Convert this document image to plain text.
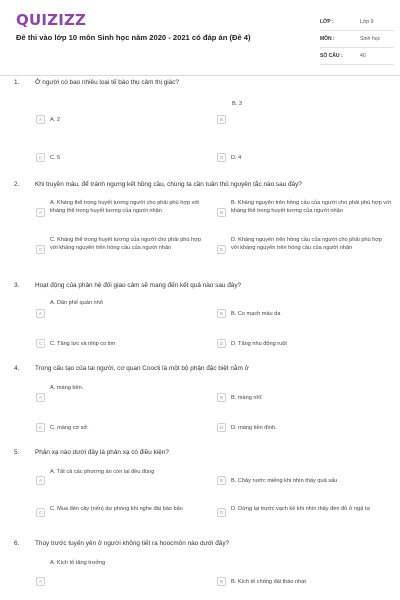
QUIZIZZ
Đề thi vào lớp 10 môn Sinh học năm 2020 - 2021 có đáp án (Đề 4)
LỚP :	Lớp 9
MÔN :	Sinh học
SỐ CÂU :	40
1. Ở người có bao nhiêu loại tế bào thụ cảm thị giác?
A	A. 2
B. 3
B
C	C. 5	D	D. 4
2. Khi truyền máu, để tránh ngưng kết hồng cầu, chúng ta cần tuân thủ nguyên tắc nào sau đây?
A
A. Kháng thể trong huyết tương người cho phải phù hợp với kháng thể trong huyết tương của người nhận	B
B. Kháng nguyên trên hồng cầu của người cho phải phù hợp với kháng thể trong huyết tương của người nhận
C
C. Kháng thể trong huyết tương của người cho phải phù hợp với kháng nguyên trên hồng cầu của người nhận	D
D. Kháng nguyên trên hồng cầu của người cho phải phù hợp với kháng nguyên trên hồng cầu của người nhận
3. Hoạt động của phản hệ đối giao cảm sẽ mang đến kết quả nào sau đây?
A. Dãn phế quản nhỏ
A	B	B. Co mạch máu da
C	C. Tăng lực và nhịp co tim	D	D. Tăng nhu động ruột
4. Trong cấu tạo của tai người, cơ quan Coocti là một bộ phận đặc biệt nằm ở
A. màng bên.
A	B	B. màng nhĩ.
C	C. màng cơ sở.	D	D. màng tiền đình.
5. Phản xạ nào dưới đây là phản xạ có điều kiện?
A. Tất cả các phương án còn lại đều đúng
A	B	B. Chảy nước miếng khi nhìn thấy quả sấu
C
C. Mua đèn cây (nến) dự phòng khi nghe đài báo bão
D
D. Dừng lại trước vạch kẻ khi nhìn thấy đèn đỏ ở ngã tư
6. Thùy trước tuyến yên ở người không tiết ra hoocmôn nào dưới đây?
A. Kích tố tăng trưởng
A	B	B. Kích tố chống đái tháo nhạt
